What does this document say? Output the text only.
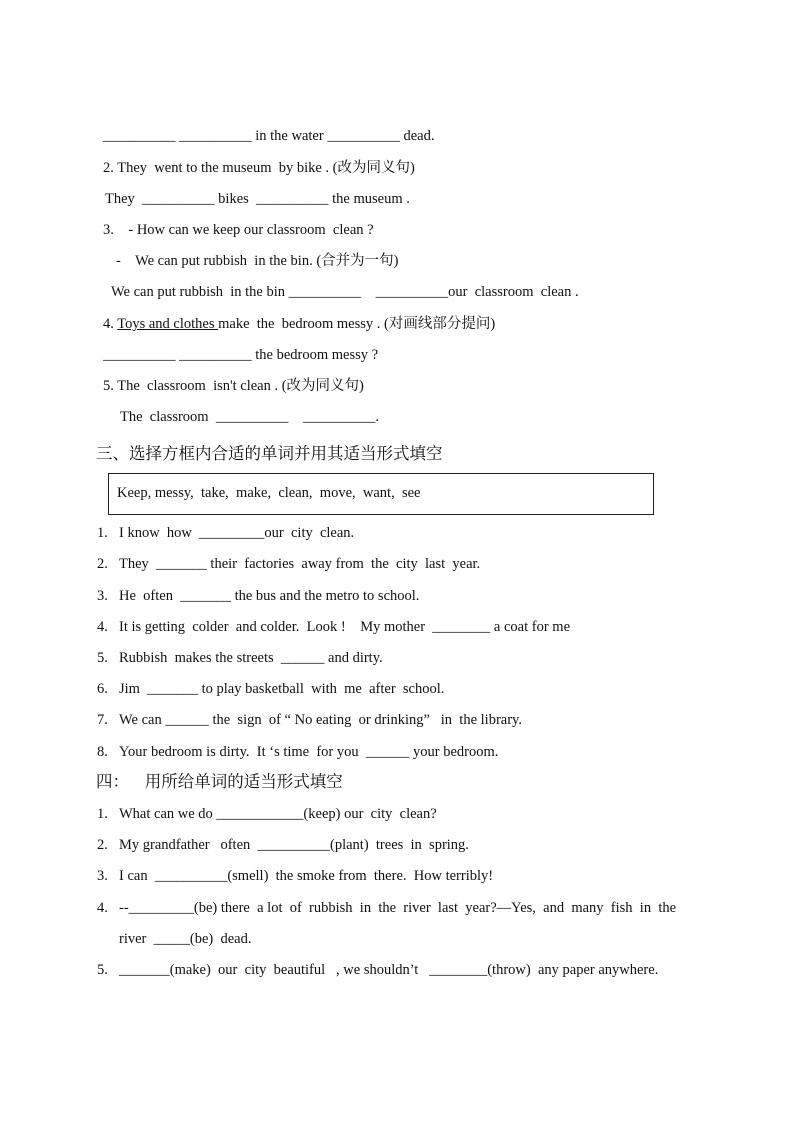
__________ __________ in the water __________ dead.
2. They  went to the museum  by bike . (改为同义句)
They  __________ bikes  __________ the museum .
3.    - How can we keep our classroom  clean ?
-    We can put rubbish  in the bin. (合并为一句)
We can put rubbish  in the bin __________    __________our  classroom  clean .
4. Toys and clothes make  the  bedroom messy . (对画线部分提问)
__________ __________ the bedroom messy ?
5. The  classroom  isn't clean . (改为同义句)
The  classroom  __________    __________.
三、选择方框内合适的单词并用其适当形式填空
Keep, messy,  take,  make,  clean,  move,  want,  see
1. I know  how  _________our  city  clean.
2. They  _______ their  factories  away from  the  city  last  year.
3. He  often  _______ the bus and the metro to school.
4. It is getting  colder  and colder.  Look !    My mother  ________ a coat for me
5. Rubbish  makes the streets  ______ and dirty.
6. Jim  _______ to play basketball  with  me  after  school.
7. We can ______ the  sign  of “ No eating  or drinking”   in  the library.
8. Your bedroom is dirty.  It ‘s time  for you  ______ your bedroom.
四：   用所给单词的适当形式填空
1. What can we do ____________(keep) our  city  clean?
2. My grandfather   often  __________(plant)  trees  in  spring.
3. I can  __________(smell)  the smoke from  there.  How terribly!
4. --_________(be) there  a lot  of  rubbish  in  the  river  last  year?—Yes,  and  many  fish  in  the
river  _____(be)  dead.
5. _______(make)  our  city  beautiful   , we shouldn’t   ________(throw)  any paper anywhere.
